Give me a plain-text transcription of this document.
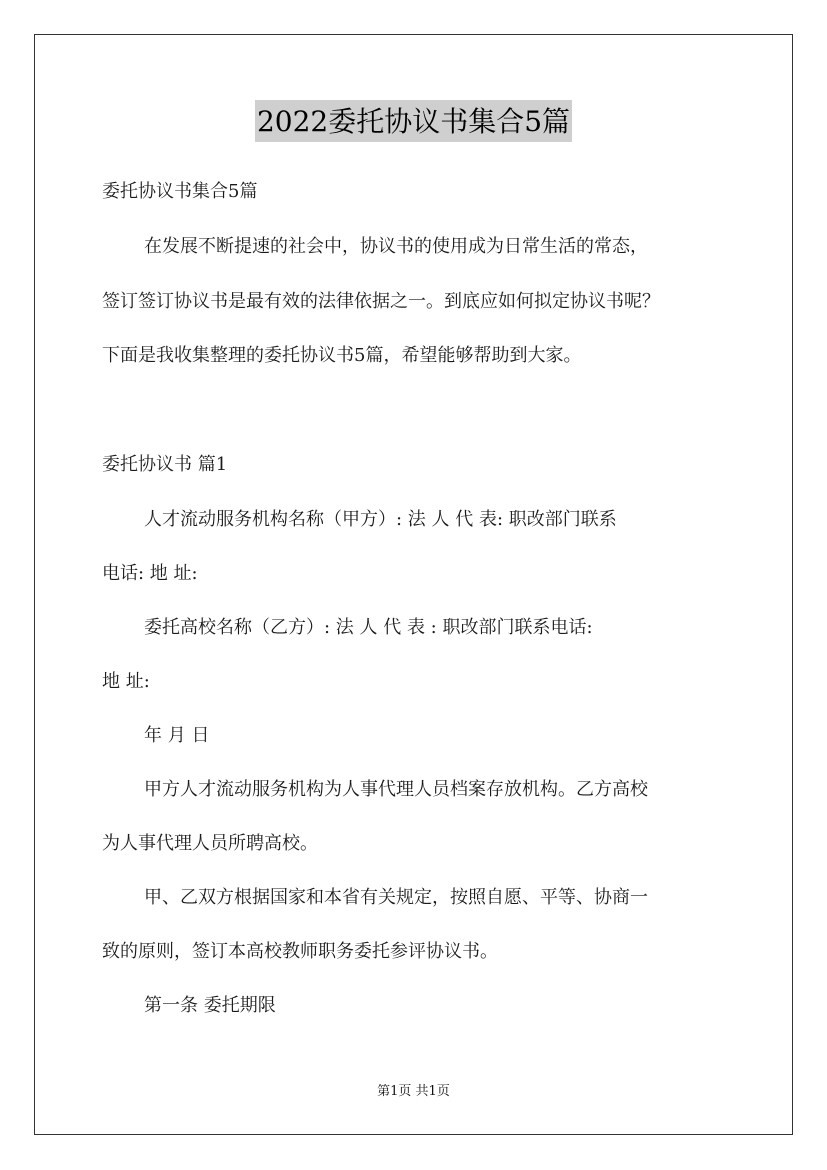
2022委托协议书集合5篇
委托协议书集合5篇
在发展不断提速的社会中，协议书的使用成为日常生活的常态，
签订签订协议书是最有效的法律依据之一。到底应如何拟定协议书呢？
下面是我收集整理的委托协议书5篇，希望能够帮助到大家。
委托协议书 篇1
人才流动服务机构名称（甲方）: 法 人 代 表: 职改部门联系
电话: 地 址:
委托高校名称（乙方）: 法 人 代 表 : 职改部门联系电话:
地 址:
年 月 日
甲方人才流动服务机构为人事代理人员档案存放机构。乙方高校
为人事代理人员所聘高校。
甲、乙双方根据国家和本省有关规定，按照自愿、平等、协商一
致的原则，签订本高校教师职务委托参评协议书。
第一条 委托期限
第1页 共1页
